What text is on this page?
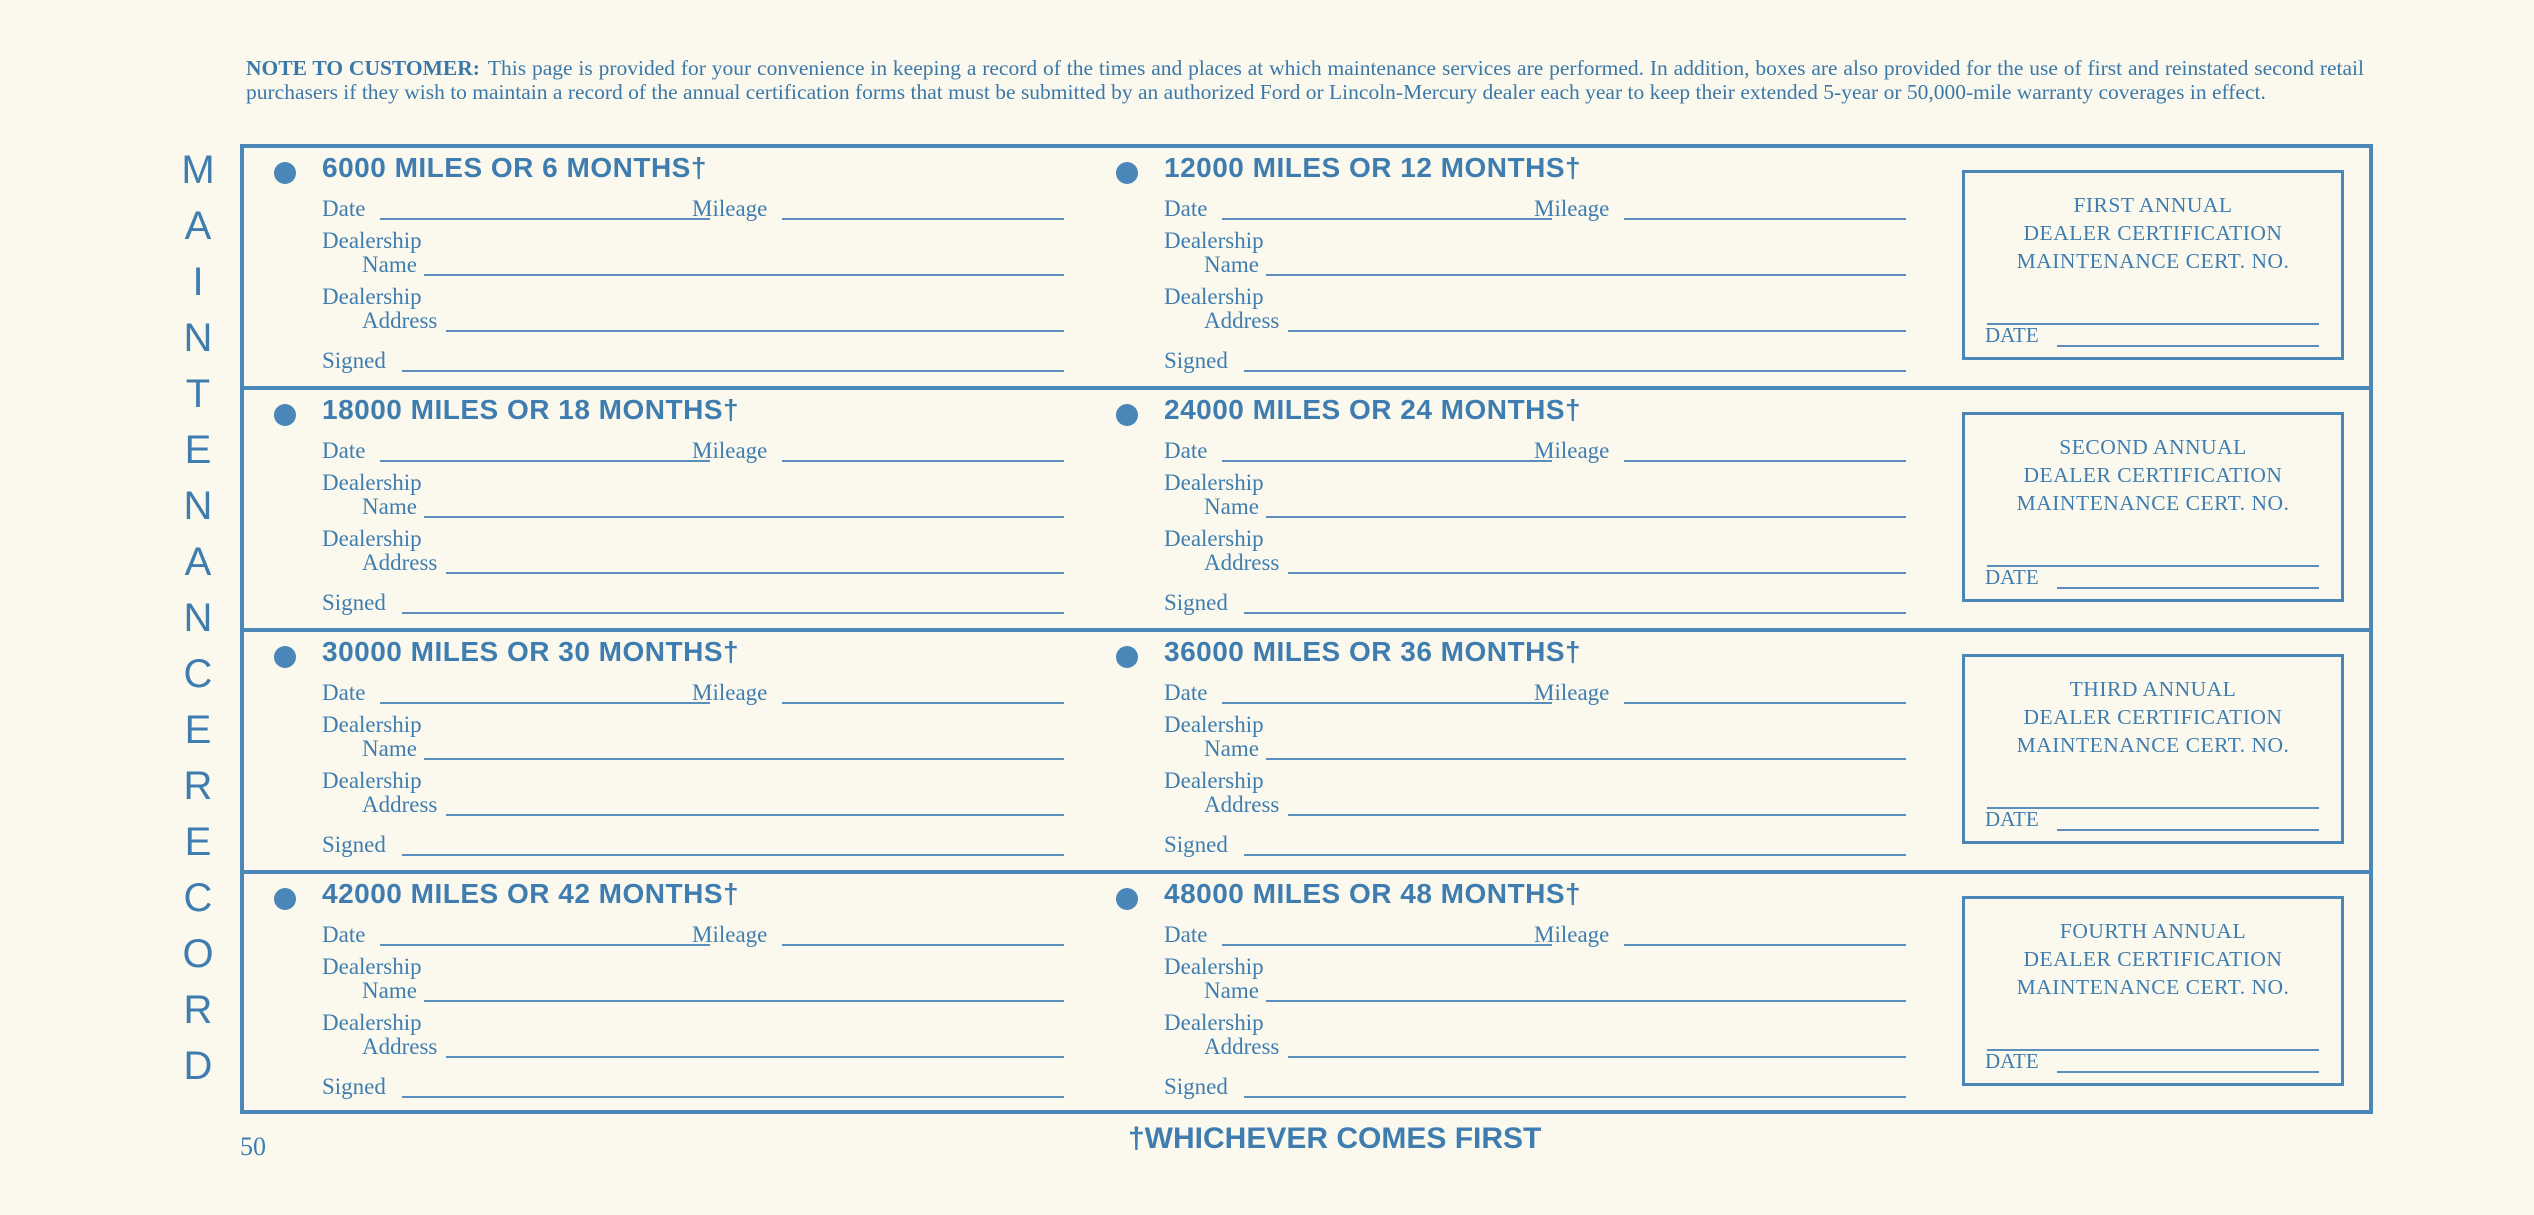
NOTE TO CUSTOMER: This page is provided for your convenience in keeping a record of the times and places at which maintenance services are performed. In addition, boxes are also provided for the use of first and reinstated second retail purchasers if they wish to maintain a record of the annual certification forms that must be submitted by an authorized Ford or Lincoln-Mercury dealer each year to keep their extended 5-year or 50,000-mile warranty coverages in effect.
M
A
I
N
T
E
N
A
N
C
E
R
E
C
O
R
D
6000 MILES OR 6 MONTHS†
Date	Mileage
Dealership
Name
Dealership
Address
Signed
12000 MILES OR 12 MONTHS†
Date	Mileage
Dealership
Name
Dealership
Address
Signed
FIRST ANNUAL
DEALER CERTIFICATION
MAINTENANCE CERT. NO.
DATE
18000 MILES OR 18 MONTHS†
Date	Mileage
Dealership
Name
Dealership
Address
Signed
24000 MILES OR 24 MONTHS†
Date	Mileage
Dealership
Name
Dealership
Address
Signed
SECOND ANNUAL
DEALER CERTIFICATION
MAINTENANCE CERT. NO.
DATE
30000 MILES OR 30 MONTHS†
Date	Mileage
Dealership
Name
Dealership
Address
Signed
36000 MILES OR 36 MONTHS†
Date	Mileage
Dealership
Name
Dealership
Address
Signed
THIRD ANNUAL
DEALER CERTIFICATION
MAINTENANCE CERT. NO.
DATE
42000 MILES OR 42 MONTHS†
Date	Mileage
Dealership
Name
Dealership
Address
Signed
48000 MILES OR 48 MONTHS†
Date	Mileage
Dealership
Name
Dealership
Address
Signed
FOURTH ANNUAL
DEALER CERTIFICATION
MAINTENANCE CERT. NO.
DATE
50	†WHICHEVER COMES FIRST
